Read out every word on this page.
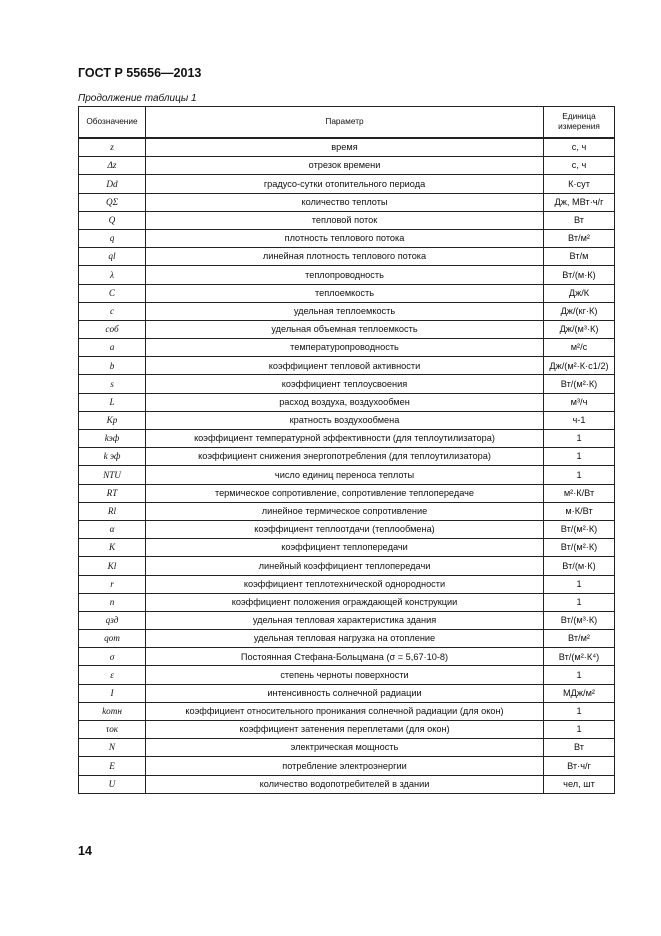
ГОСТ Р 55656—2013
Продолжение таблицы 1
Обозначение	Параметр	Единица измерения
z	время	с, ч
Δz	отрезок времени	с, ч
Dd	градусо-сутки отопительного периода	К·сут
QΣ	количество теплоты	Дж, МВт·ч/г
Q	тепловой поток	Вт
q	плотность теплового потока	Вт/м²
ql	линейная плотность теплового потока	Вт/м
λ	теплопроводность	Вт/(м·К)
C	теплоемкость	Дж/К
c	удельная теплоемкость	Дж/(кг·К)
cоб	удельная объемная теплоемкость	Дж/(м³·К)
a	температуропроводность	м²/с
b	коэффициент тепловой активности	Дж/(м²·К·с1/2)
s	коэффициент теплоусвоения	Вт/(м²·К)
L	расход воздуха, воздухообмен	м³/ч
Kр	кратность воздухообмена	ч-1
kэф	коэффициент температурной эффективности (для теплоутилизатора)	1
k эф	коэффициент снижения энергопотребления (для теплоутилизатора)	1
NTU	число единиц переноса теплоты	1
RТ	термическое сопротивление, сопротивление теплопередаче	м²·К/Вт
Rl	линейное термическое сопротивление	м·К/Вт
α	коэффициент теплоотдачи (теплообмена)	Вт/(м²·К)
К	коэффициент теплопередачи	Вт/(м²·К)
Kl	линейный коэффициент теплопередачи	Вт/(м·К)
r	коэффициент теплотехнической однородности	1
n	коэффициент положения ограждающей конструкции	1
qзд	удельная тепловая характеристика здания	Вт/(м³·К)
qот	удельная тепловая нагрузка на отопление	Вт/м²
σ	Постоянная Стефана-Больцмана (σ = 5,67·10-8)	Вт/(м²·К⁴)
ε	степень черноты поверхности	1
I	интенсивность солнечной радиации	МДж/м²
kотн	коэффициент относительного проникания солнечной радиации (для окон)	1
τок	коэффициент затенения переплетами (для окон)	1
N	электрическая мощность	Вт
E	потребление электроэнергии	Вт·ч/г
U	количество водопотребителей в здании	чел, шт
14
